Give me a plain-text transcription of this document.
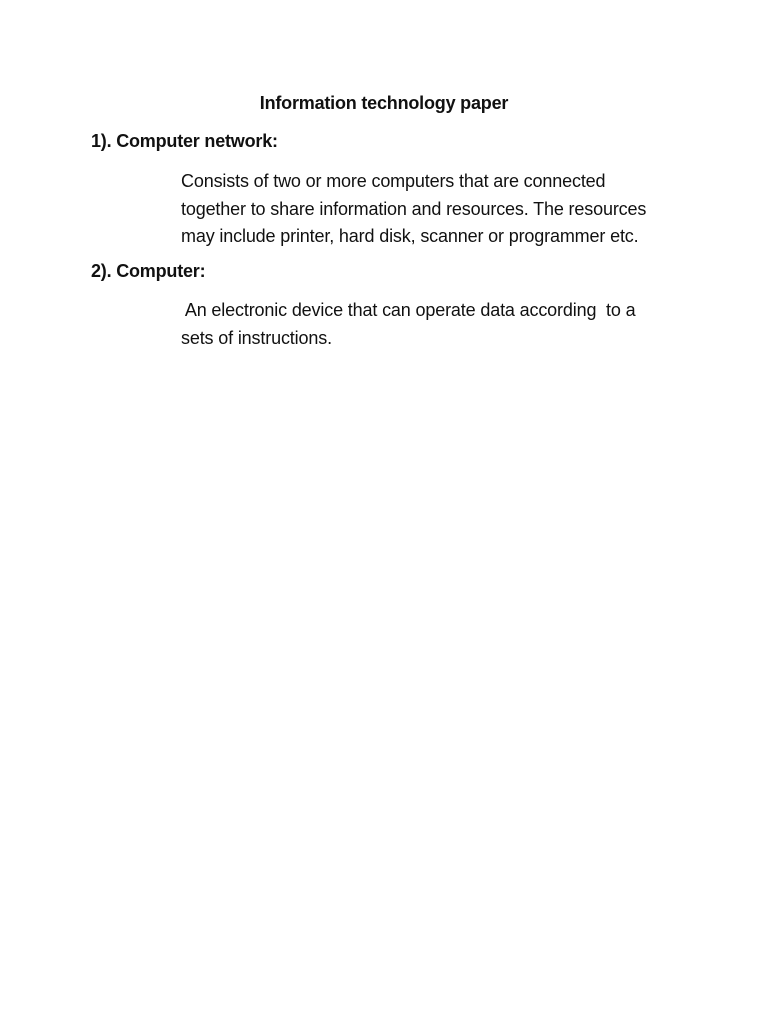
Information technology paper
1). Computer network:
Consists of two or more computers that are connected
together to share information and resources. The resources
may include printer, hard disk, scanner or programmer etc.
2). Computer:
An electronic device that can operate data according  to a
sets of instructions.
